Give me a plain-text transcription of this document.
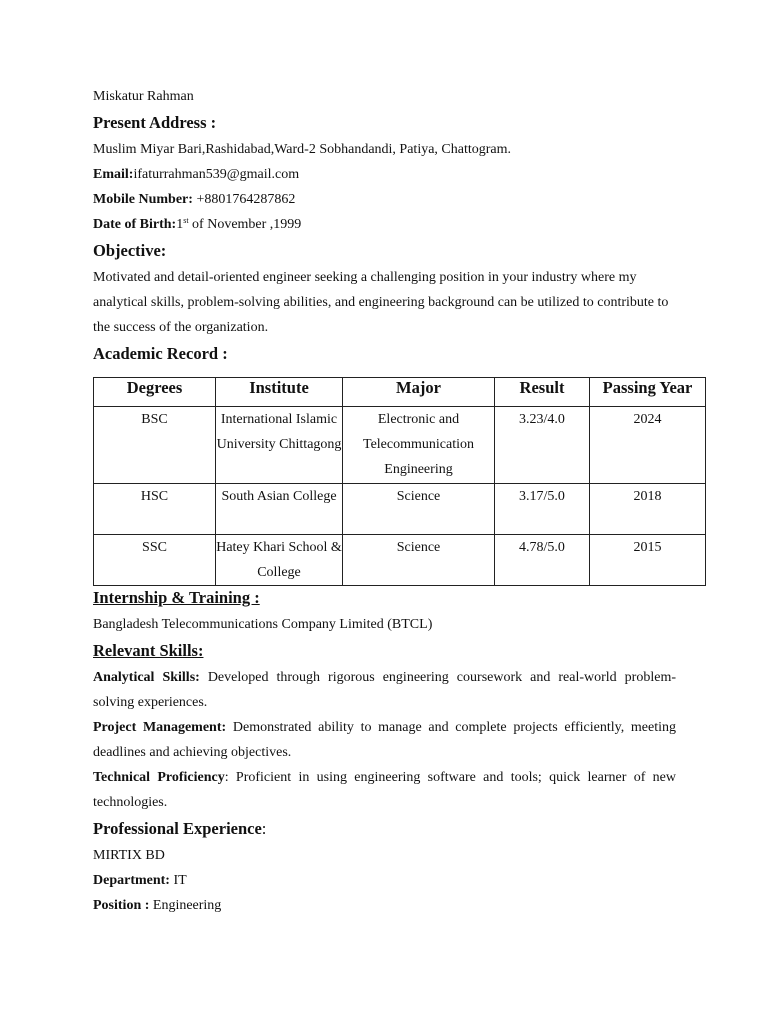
Miskatur Rahman
Present Address :
Muslim Miyar Bari,Rashidabad,Ward-2 Sobhandandi, Patiya, Chattogram.
Email:ifaturrahman539@gmail.com
Mobile Number: +8801764287862
Date of Birth:1st of November ,1999
Objective:
Motivated and detail-oriented engineer seeking a challenging position in your industry where my analytical skills, problem-solving abilities, and engineering background can be utilized to contribute to the success of the organization.
Academic Record :
Degrees	Institute	Major	Result	Passing Year
BSC	International Islamic University Chittagong	Electronic and Telecommunication Engineering	3.23/4.0	2024
HSC	South Asian College	Science	3.17/5.0	2018
SSC	Hatey Khari School & College	Science	4.78/5.0	2015
Internship & Training :
Bangladesh Telecommunications Company Limited (BTCL)
Relevant Skills:
Analytical Skills: Developed through rigorous engineering coursework and real-world problem-solving experiences.
Project Management: Demonstrated ability to manage and complete projects efficiently, meeting deadlines and achieving objectives.
Technical Proficiency: Proficient in using engineering software and tools; quick learner of new technologies.
Professional Experience:
MIRTIX BD
Department: IT
Position : Engineering
